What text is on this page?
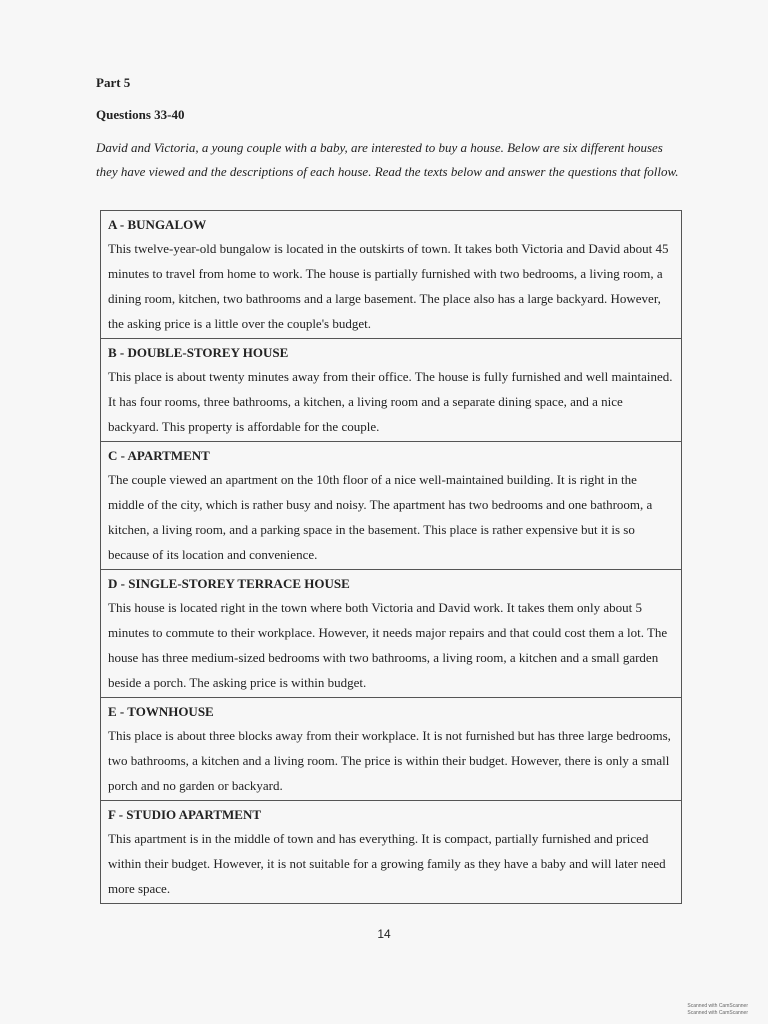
Part 5
Questions 33-40

David and Victoria, a young couple with a baby, are interested to buy a house. Below are six different houses they have viewed and the descriptions of each house. Read the texts below and answer the questions that follow.

A - BUNGALOW

This twelve-year-old bungalow is located in the outskirts of town. It takes both Victoria and David about 45 minutes to travel from home to work. The house is partially furnished with two bedrooms, a living room, a dining room, kitchen, two bathrooms and a large basement. The place also has a large backyard. However, the asking price is a little over the couple's budget.

B - DOUBLE-STOREY HOUSE

This place is about twenty minutes away from their office. The house is fully furnished and well maintained. It has four rooms, three bathrooms, a kitchen, a living room and a separate dining space, and a nice backyard. This property is affordable for the couple.

C - APARTMENT

The couple viewed an apartment on the 10th floor of a nice well-maintained building. It is right in the middle of the city, which is rather busy and noisy. The apartment has two bedrooms and one bathroom, a kitchen, a living room, and a parking space in the basement. This place is rather expensive but it is so because of its location and convenience.

D - SINGLE-STOREY TERRACE HOUSE

This house is located right in the town where both Victoria and David work. It takes them only about 5 minutes to commute to their workplace. However, it needs major repairs and that could cost them a lot. The house has three medium-sized bedrooms with two bathrooms, a living room, a kitchen and a small garden beside a porch. The asking price is within budget.

E - TOWNHOUSE

This place is about three blocks away from their workplace. It is not furnished but has three large bedrooms, two bathrooms, a kitchen and a living room. The price is within their budget. However, there is only a small porch and no garden or backyard.

F - STUDIO APARTMENT

This apartment is in the middle of town and has everything. It is compact, partially furnished and priced within their budget. However, it is not suitable for a growing family as they have a baby and will later need more space.

14
Scanned with CamScanner
Scanned with CamScanner
